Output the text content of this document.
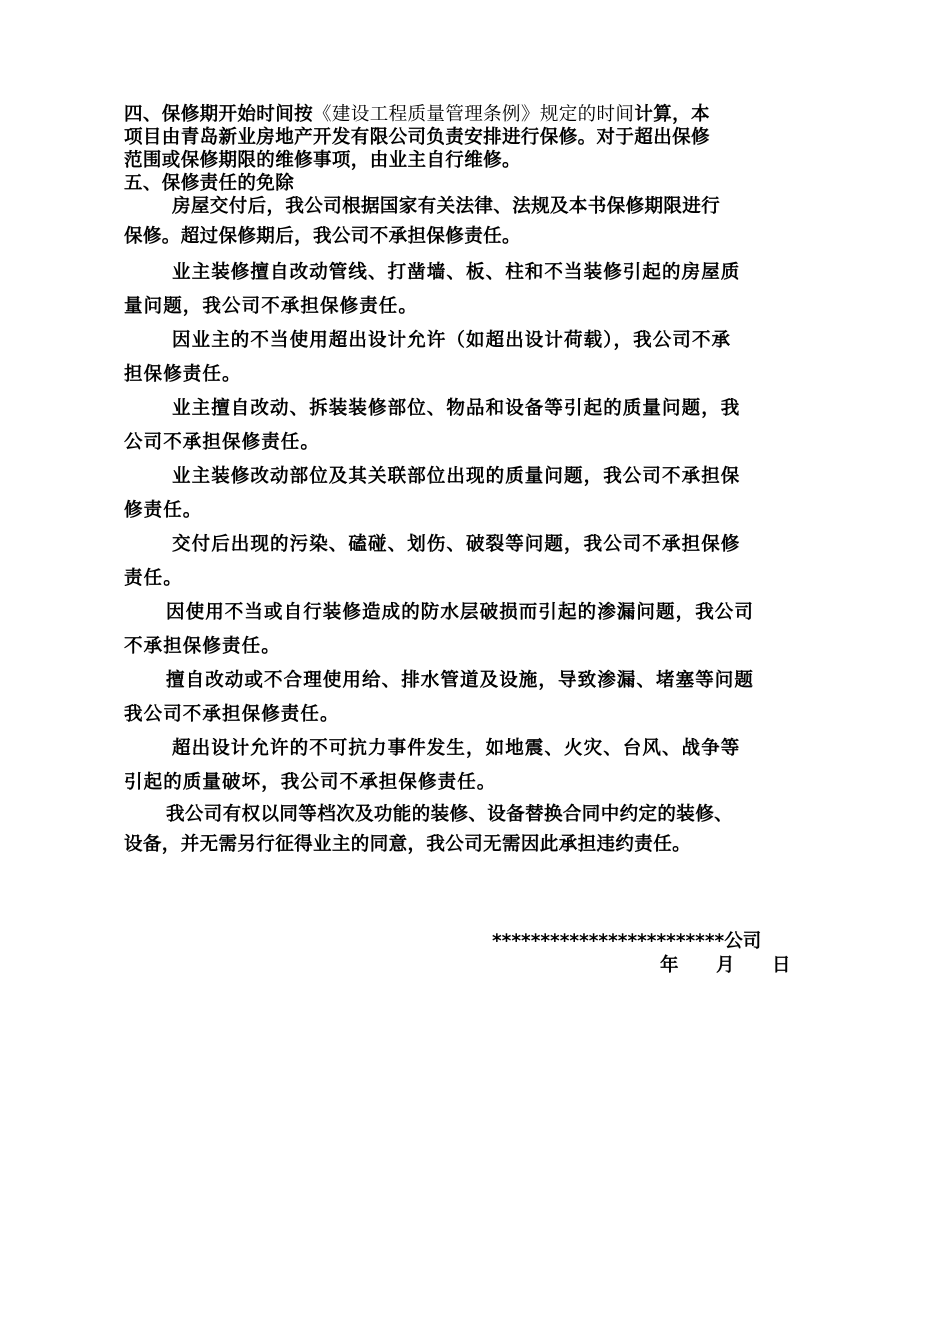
四、保修期开始时间按《建设工程质量管理条例》规定的时间计算，本

项目由青岛新业房地产开发有限公司负责安排进行保修。对于超出保修

范围或保修期限的维修事项，由业主自行维修。

五、保修责任的免除

房屋交付后，我公司根据国家有关法律、法规及本书保修期限进行
保修。超过保修期后，我公司不承担保修责任。
业主装修擅自改动管线、打凿墙、板、柱和不当装修引起的房屋质
量问题，我公司不承担保修责任。
因业主的不当使用超出设计允许（如超出设计荷载），我公司不承
担保修责任。
业主擅自改动、拆装装修部位、物品和设备等引起的质量问题，我
公司不承担保修责任。
业主装修改动部位及其关联部位出现的质量问题，我公司不承担保
修责任。
交付后出现的污染、磕碰、划伤、破裂等问题，我公司不承担保修
责任。
因使用不当或自行装修造成的防水层破损而引起的渗漏问题，我公司
不承担保修责任。
擅自改动或不合理使用给、排水管道及设施，导致渗漏、堵塞等问题
我公司不承担保修责任。
超出设计允许的不可抗力事件发生，如地震、火灾、台风、战争等
引起的质量破坏，我公司不承担保修责任。
我公司有权以同等档次及功能的装修、设备替换合同中约定的装修、
设备，并无需另行征得业主的同意，我公司无需因此承担违约责任。
************************公司
年 月 日
